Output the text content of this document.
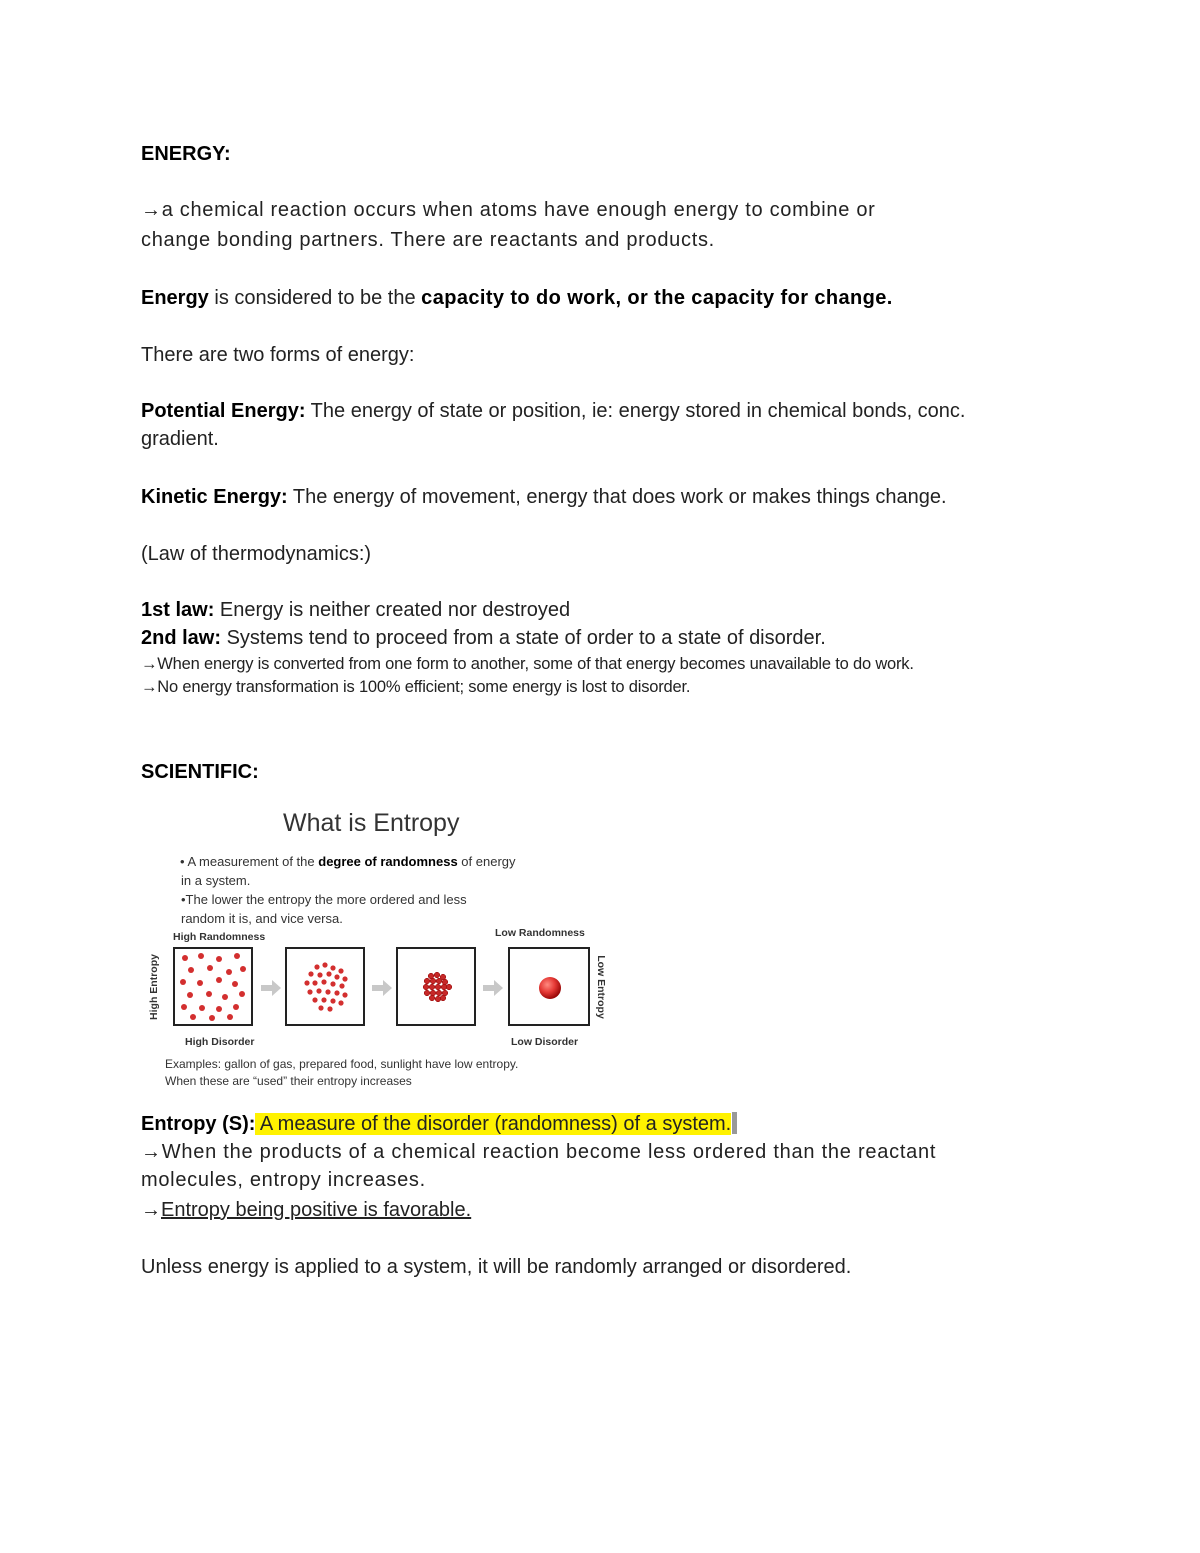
ENERGY:
→a chemical reaction occurs when atoms have enough energy to combine or
change bonding partners. There are reactants and products.
Energy is considered to be the capacity to do work, or the capacity for change.
There are two forms of energy:
Potential Energy: The energy of state or position, ie: energy stored in chemical bonds, conc.
gradient.
Kinetic Energy: The energy of movement, energy that does work or makes things change.
(Law of thermodynamics:)
1st law: Energy is neither created nor destroyed
2nd law: Systems tend to proceed from a state of order to a state of disorder.
→When energy is converted from one form to another, some of that energy becomes unavailable to do work.
→No energy transformation is 100% efficient; some energy is lost to disorder.
SCIENTIFIC:
What is Entropy
• A measurement of the degree of randomness of energy
in a system.
•The lower the entropy the more ordered and less
random it is, and vice versa.
High Randomness	Low Randomness
High Entropy	Low Entropy
High Disorder	Low Disorder
Examples: gallon of gas, prepared food, sunlight have low entropy.
When these are “used” their entropy increases
Entropy (S): A measure of the disorder (randomness) of a system.
→When the products of a chemical reaction become less ordered than the reactant
molecules, entropy increases.
→Entropy being positive is favorable.
Unless energy is applied to a system, it will be randomly arranged or disordered.
